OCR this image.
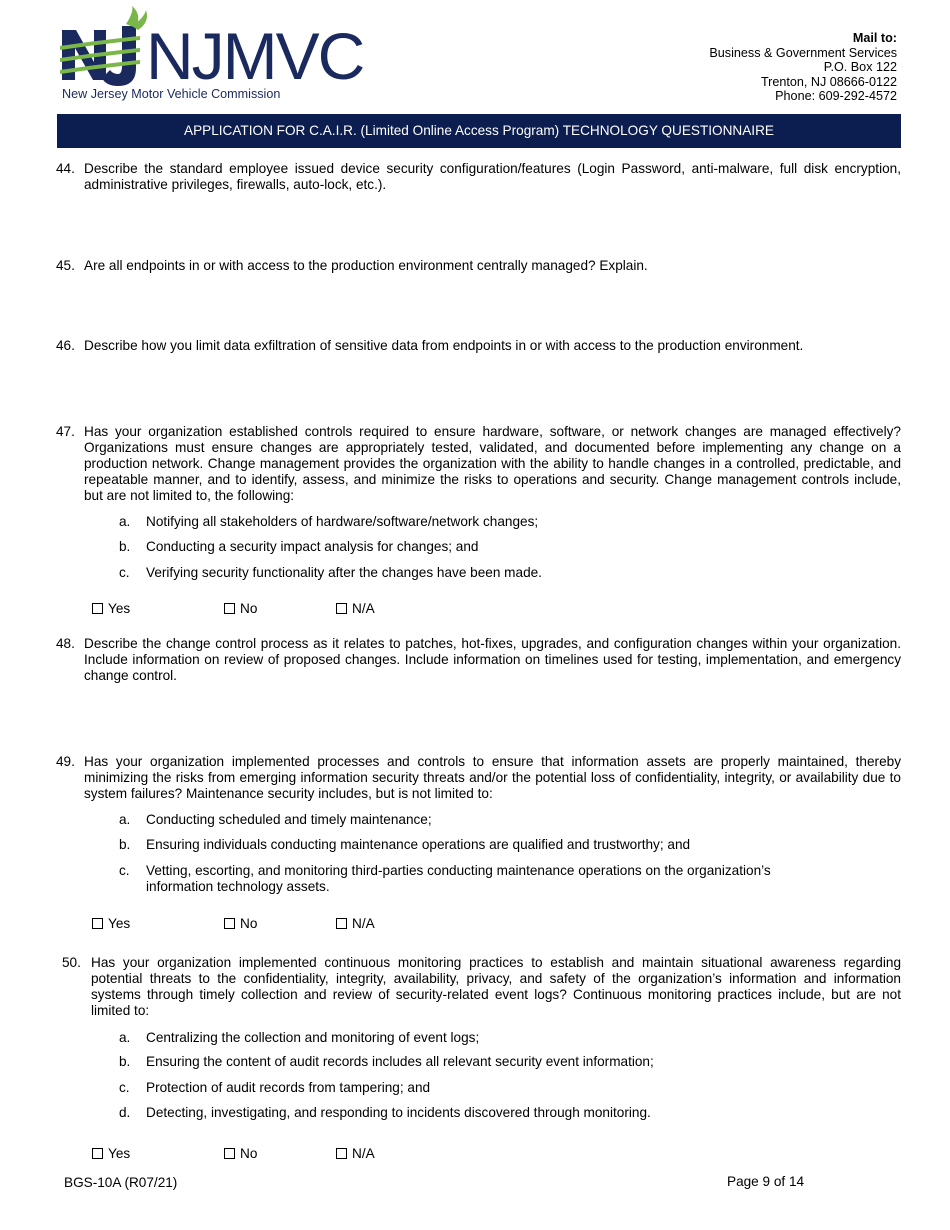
NJMVC
New Jersey Motor Vehicle Commission
Mail to:
Business & Government Services
P.O. Box 122
Trenton, NJ 08666-0122
Phone: 609-292-4572
APPLICATION FOR C.A.I.R. (Limited Online Access Program) TECHNOLOGY QUESTIONNAIRE
44. Describe the standard employee issued device security configuration/features (Login Password, anti-malware, full disk encryption, administrative privileges, firewalls, auto-lock, etc.).
45. Are all endpoints in or with access to the production environment centrally managed? Explain.
46. Describe how you limit data exfiltration of sensitive data from endpoints in or with access to the production environment.
47. Has your organization established controls required to ensure hardware, software, or network changes are managed effectively? Organizations must ensure changes are appropriately tested, validated, and documented before implementing any change on a production network. Change management provides the organization with the ability to handle changes in a controlled, predictable, and repeatable manner, and to identify, assess, and minimize the risks to operations and security. Change management controls include, but are not limited to, the following:
a. Notifying all stakeholders of hardware/software/network changes;
b. Conducting a security impact analysis for changes; and
c. Verifying security functionality after the changes have been made.
Yes	No	N/A
48. Describe the change control process as it relates to patches, hot-fixes, upgrades, and configuration changes within your organization. Include information on review of proposed changes. Include information on timelines used for testing, implementation, and emergency change control.
49. Has your organization implemented processes and controls to ensure that information assets are properly maintained, thereby minimizing the risks from emerging information security threats and/or the potential loss of confidentiality, integrity, or availability due to system failures? Maintenance security includes, but is not limited to:
a. Conducting scheduled and timely maintenance;
b. Ensuring individuals conducting maintenance operations are qualified and trustworthy; and
c. Vetting, escorting, and monitoring third-parties conducting maintenance operations on the organization’s information technology assets.
Yes	No	N/A
50. Has your organization implemented continuous monitoring practices to establish and maintain situational awareness regarding potential threats to the confidentiality, integrity, availability, privacy, and safety of the organization’s information and information systems through timely collection and review of security-related event logs? Continuous monitoring practices include, but are not limited to:
a. Centralizing the collection and monitoring of event logs;
b. Ensuring the content of audit records includes all relevant security event information;
c. Protection of audit records from tampering; and
d. Detecting, investigating, and responding to incidents discovered through monitoring.
Yes	No	N/A
BGS-10A (R07/21)	Page 9 of 14
